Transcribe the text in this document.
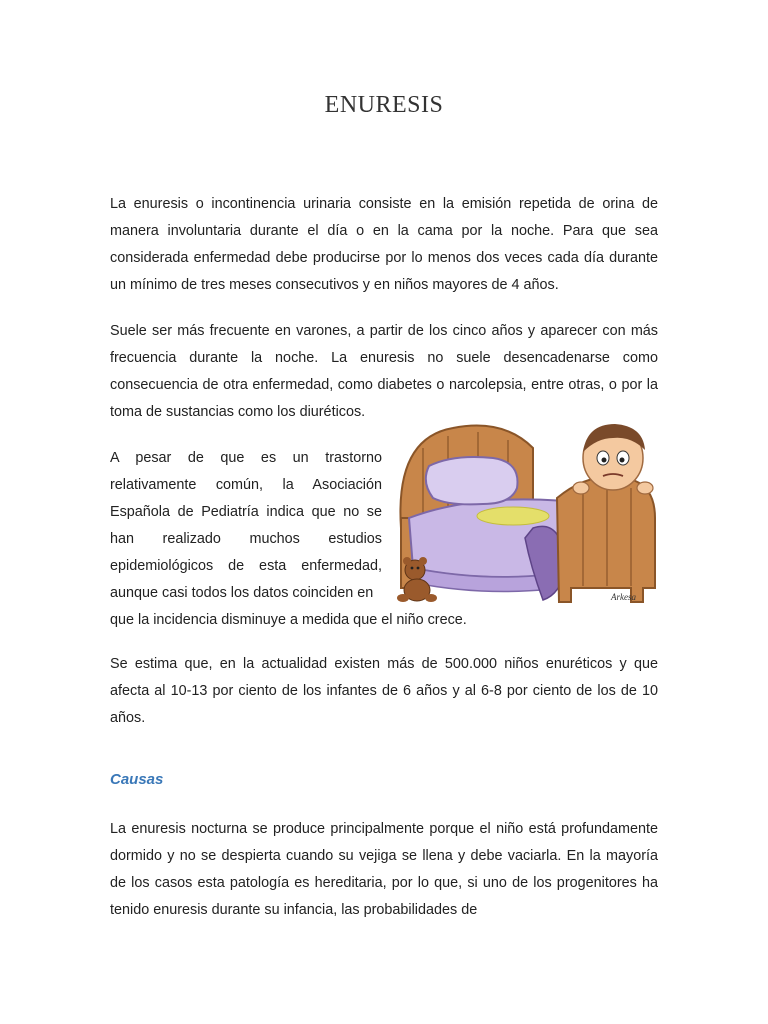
ENURESIS

La enuresis o incontinencia urinaria consiste en la emisión repetida de orina de manera involuntaria durante el día o en la cama por la noche. Para que sea considerada enfermedad debe producirse por lo menos dos veces cada día durante un mínimo de tres meses consecutivos y en niños mayores de 4 años.

Suele ser más frecuente en varones, a partir de los cinco años y aparecer con más frecuencia durante la noche. La enuresis no suele desencadenarse como consecuencia de otra enfermedad, como diabetes o narcolepsia, entre otras, o por la toma de sustancias como los diuréticos.

A pesar de que es un trastorno relativamente común, la Asociación Española de Pediatría indica que no se han realizado muchos estudios epidemiológicos de esta enfermedad, aunque casi todos los datos coinciden en

que la incidencia disminuye a medida que el niño crece.

Se estima que, en la actualidad existen más de 500.000 niños enuréticos y que afecta al 10-13 por ciento de los infantes de 6 años y al 6-8 por ciento de los de 10 años.

Causas

La enuresis nocturna se produce principalmente porque el niño está profundamente dormido y no se despierta cuando su vejiga se llena y debe vaciarla. En la mayoría de los casos esta patología es hereditaria, por lo que, si uno de los progenitores ha tenido enuresis durante su infancia, las probabilidades de

Arkesa
